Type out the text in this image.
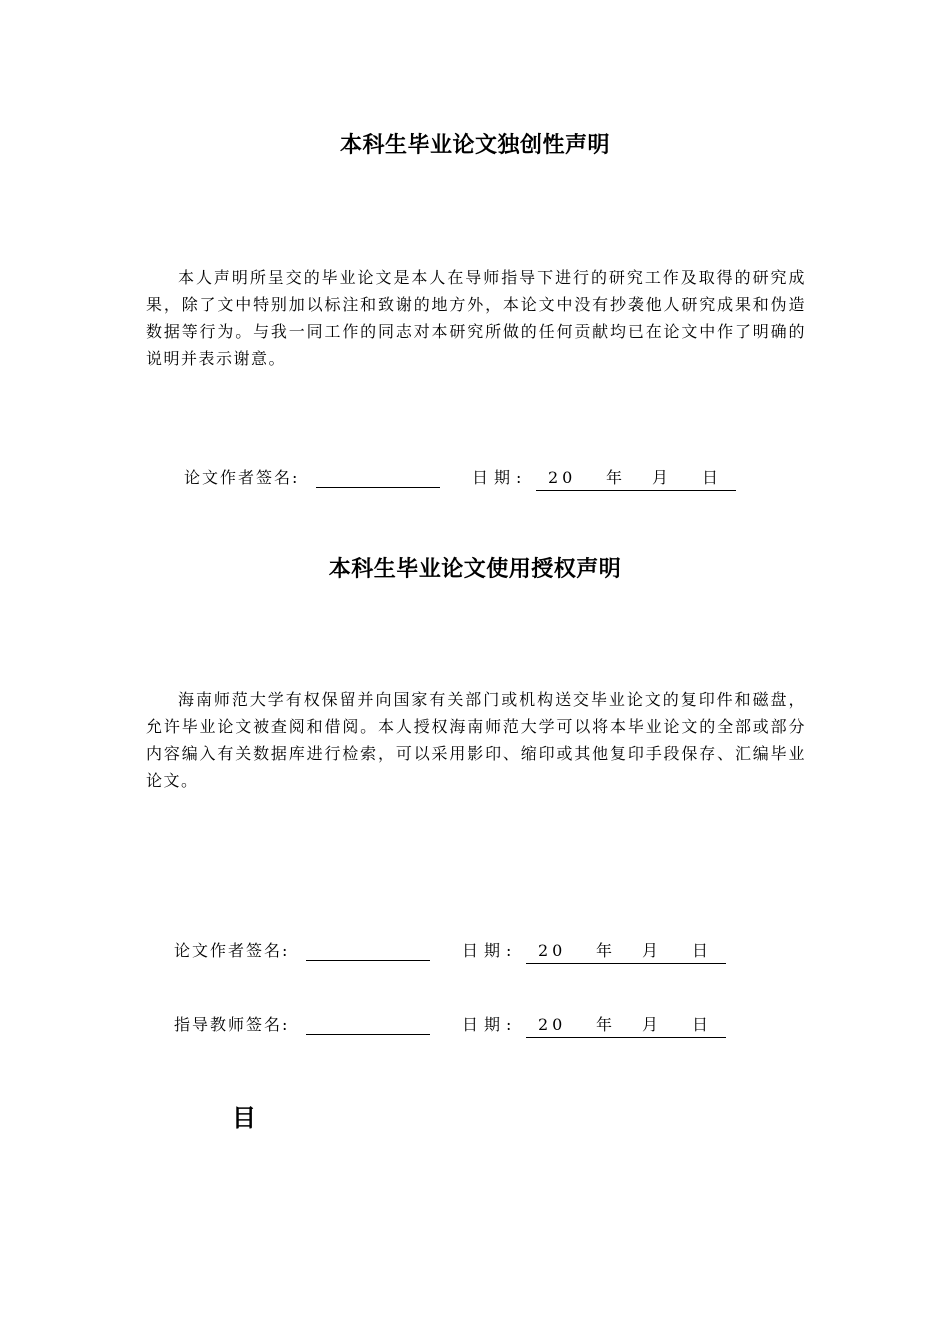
本科生毕业论文独创性声明

本人声明所呈交的毕业论文是本人在导师指导下进行的研究工作及取得的研究成果，除了文中特别加以标注和致谢的地方外，本论文中没有抄袭他人研究成果和伪造数据等行为。与我一同工作的同志对本研究所做的任何贡献均已在论文中作了明确的说明并表示谢意。

论文作者签名:	日期: 20 年 月 日
本科生毕业论文使用授权声明

海南师范大学有权保留并向国家有关部门或机构送交毕业论文的复印件和磁盘，允许毕业论文被查阅和借阅。本人授权海南师范大学可以将本毕业论文的全部或部分内容编入有关数据库进行检索，可以采用影印、缩印或其他复印手段保存、汇编毕业论文。

论文作者签名:	日期: 20 年 月 日
指导教师签名:	日期: 20 年 月 日
目
